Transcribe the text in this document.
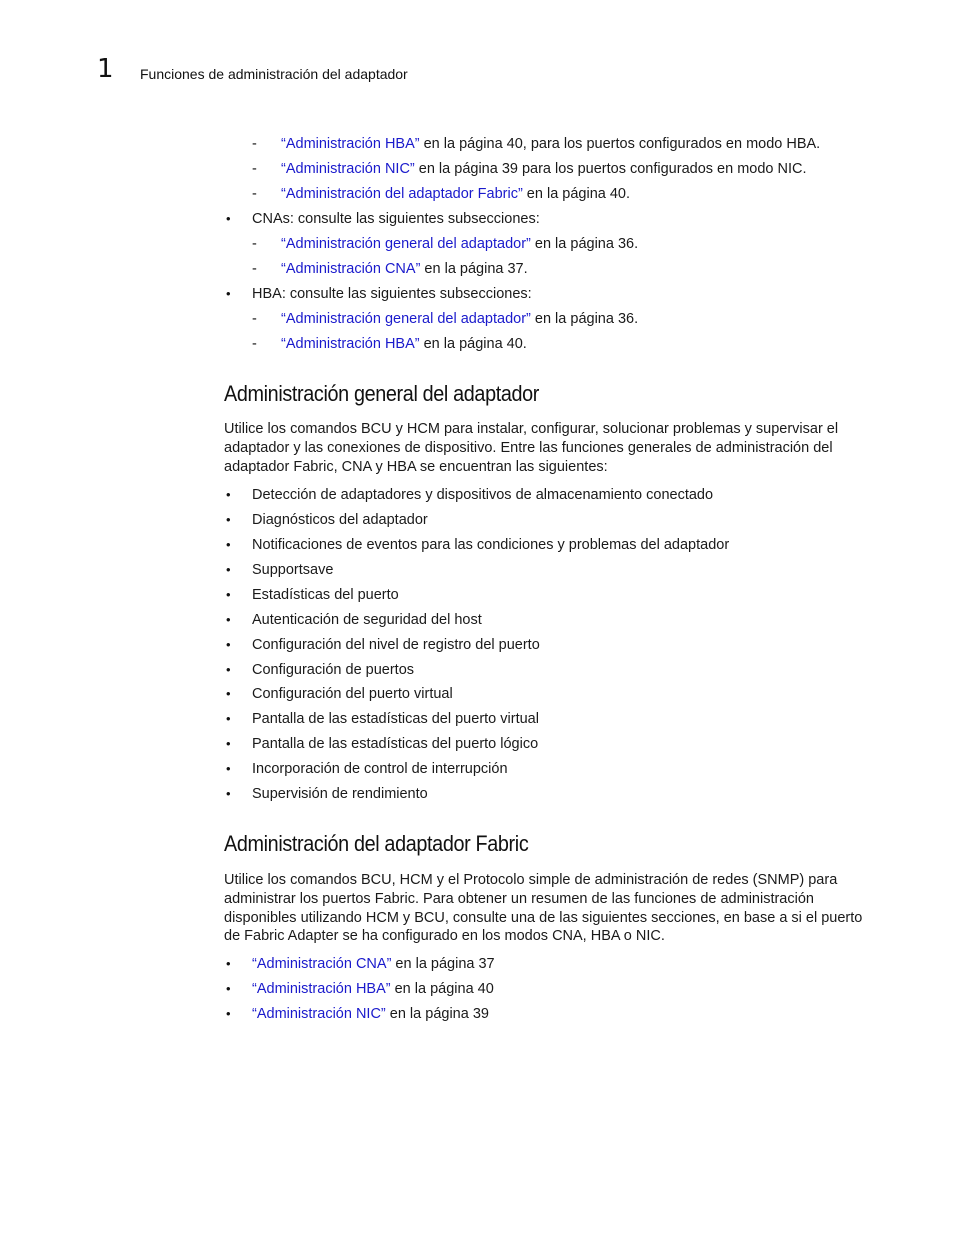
1 Funciones de administración del adaptador
- “Administración HBA” en la página 40, para los puertos configurados en modo HBA.
- “Administración NIC” en la página 39 para los puertos configurados en modo NIC.
- “Administración del adaptador Fabric” en la página 40.
• CNAs: consulte las siguientes subsecciones:
- “Administración general del adaptador” en la página 36.
- “Administración CNA” en la página 37.
• HBA: consulte las siguientes subsecciones:
- “Administración general del adaptador” en la página 36.
- “Administración HBA” en la página 40.
Administración general del adaptador
Utilice los comandos BCU y HCM para instalar, configurar, solucionar problemas y supervisar el
adaptador y las conexiones de dispositivo. Entre las funciones generales de administración del
adaptador Fabric, CNA y HBA se encuentran las siguientes:
• Detección de adaptadores y dispositivos de almacenamiento conectado
• Diagnósticos del adaptador
• Notificaciones de eventos para las condiciones y problemas del adaptador
• Supportsave
• Estadísticas del puerto
• Autenticación de seguridad del host
• Configuración del nivel de registro del puerto
• Configuración de puertos
• Configuración del puerto virtual
• Pantalla de las estadísticas del puerto virtual
• Pantalla de las estadísticas del puerto lógico
• Incorporación de control de interrupción
• Supervisión de rendimiento
Administración del adaptador Fabric
Utilice los comandos BCU, HCM y el Protocolo simple de administración de redes (SNMP) para
administrar los puertos Fabric. Para obtener un resumen de las funciones de administración
disponibles utilizando HCM y BCU, consulte una de las siguientes secciones, en base a si el puerto
de Fabric Adapter se ha configurado en los modos CNA, HBA o NIC.
• “Administración CNA” en la página 37
• “Administración HBA” en la página 40
• “Administración NIC” en la página 39
